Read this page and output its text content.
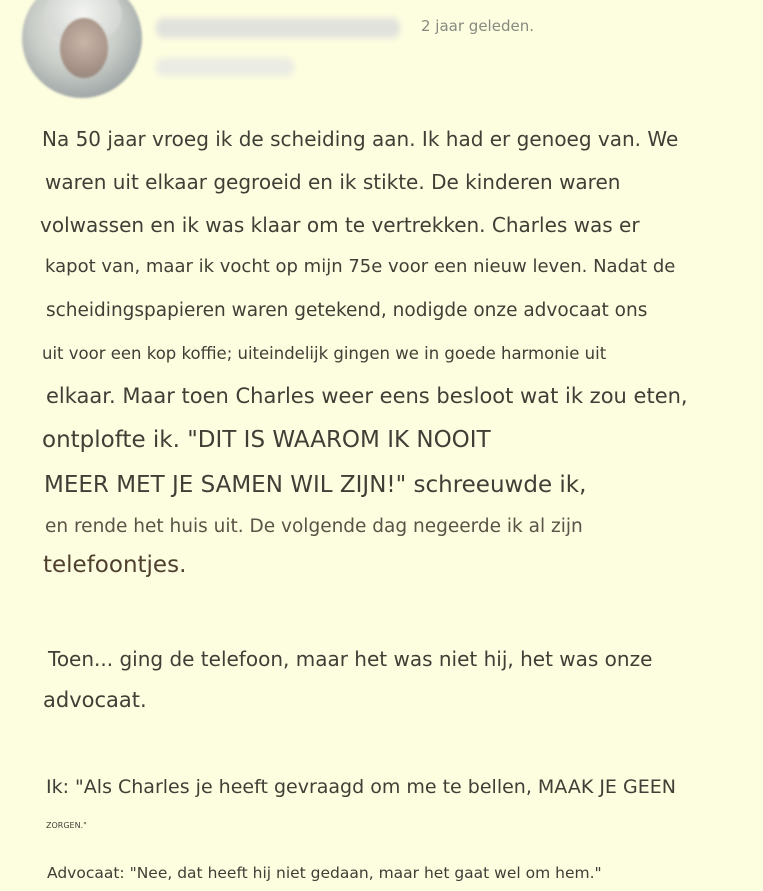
2 jaar geleden.
Na 50 jaar vroeg ik de scheiding aan. Ik had er genoeg van. We
waren uit elkaar gegroeid en ik stikte. De kinderen waren
volwassen en ik was klaar om te vertrekken. Charles was er
kapot van, maar ik vocht op mijn 75e voor een nieuw leven. Nadat de
scheidingspapieren waren getekend, nodigde onze advocaat ons
uit voor een kop koffie; uiteindelijk gingen we in goede harmonie uit
elkaar. Maar toen Charles weer eens besloot wat ik zou eten,
ontplofte ik. "DIT IS WAAROM IK NOOIT
MEER MET JE SAMEN WIL ZIJN!" schreeuwde ik,
en rende het huis uit. De volgende dag negeerde ik al zijn
telefoontjes.
Toen... ging de telefoon, maar het was niet hij, het was onze
advocaat.
Ik: "Als Charles je heeft gevraagd om me te bellen, MAAK JE GEEN
ZORGEN."
Advocaat: "Nee, dat heeft hij niet gedaan, maar het gaat wel om hem."
